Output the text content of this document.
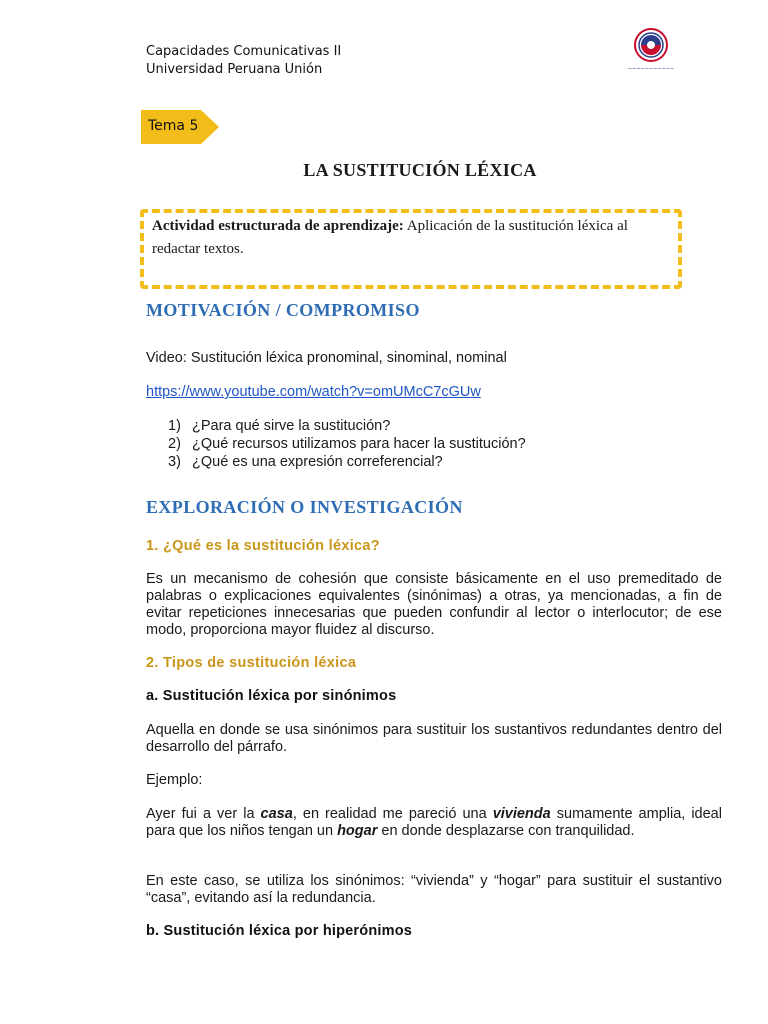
Capacidades Comunicativas II
Universidad Peruana Unión	~~~~~~~~~~~
Tema 5
LA SUSTITUCIÓN LÉXICA
Actividad estructurada de aprendizaje: Aplicación de la sustitución léxica al redactar textos.
MOTIVACIÓN / COMPROMISO
Video: Sustitución léxica pronominal, sinominal, nominal
https://www.youtube.com/watch?v=omUMcC7cGUw
1) ¿Para qué sirve la sustitución?
2) ¿Qué recursos utilizamos para hacer la sustitución?
3) ¿Qué es una expresión correferencial?
EXPLORACIÓN O INVESTIGACIÓN
1. ¿Qué es la sustitución léxica?
Es un mecanismo de cohesión que consiste básicamente en el uso premeditado de palabras o explicaciones equivalentes (sinónimas) a otras, ya mencionadas, a fin de evitar repeticiones innecesarias que pueden confundir al lector o interlocutor; de ese modo, proporciona mayor fluidez al discurso.
2. Tipos de sustitución léxica
a. Sustitución léxica por sinónimos
Aquella en donde se usa sinónimos para sustituir los sustantivos redundantes dentro del desarrollo del párrafo.
Ejemplo:
Ayer fui a ver la casa, en realidad me pareció una vivienda sumamente amplia, ideal para que los niños tengan un hogar en donde desplazarse con tranquilidad.
En este caso, se utiliza los sinónimos: “vivienda” y “hogar” para sustituir el sustantivo “casa”, evitando así la redundancia.
b. Sustitución léxica por hiperónimos
